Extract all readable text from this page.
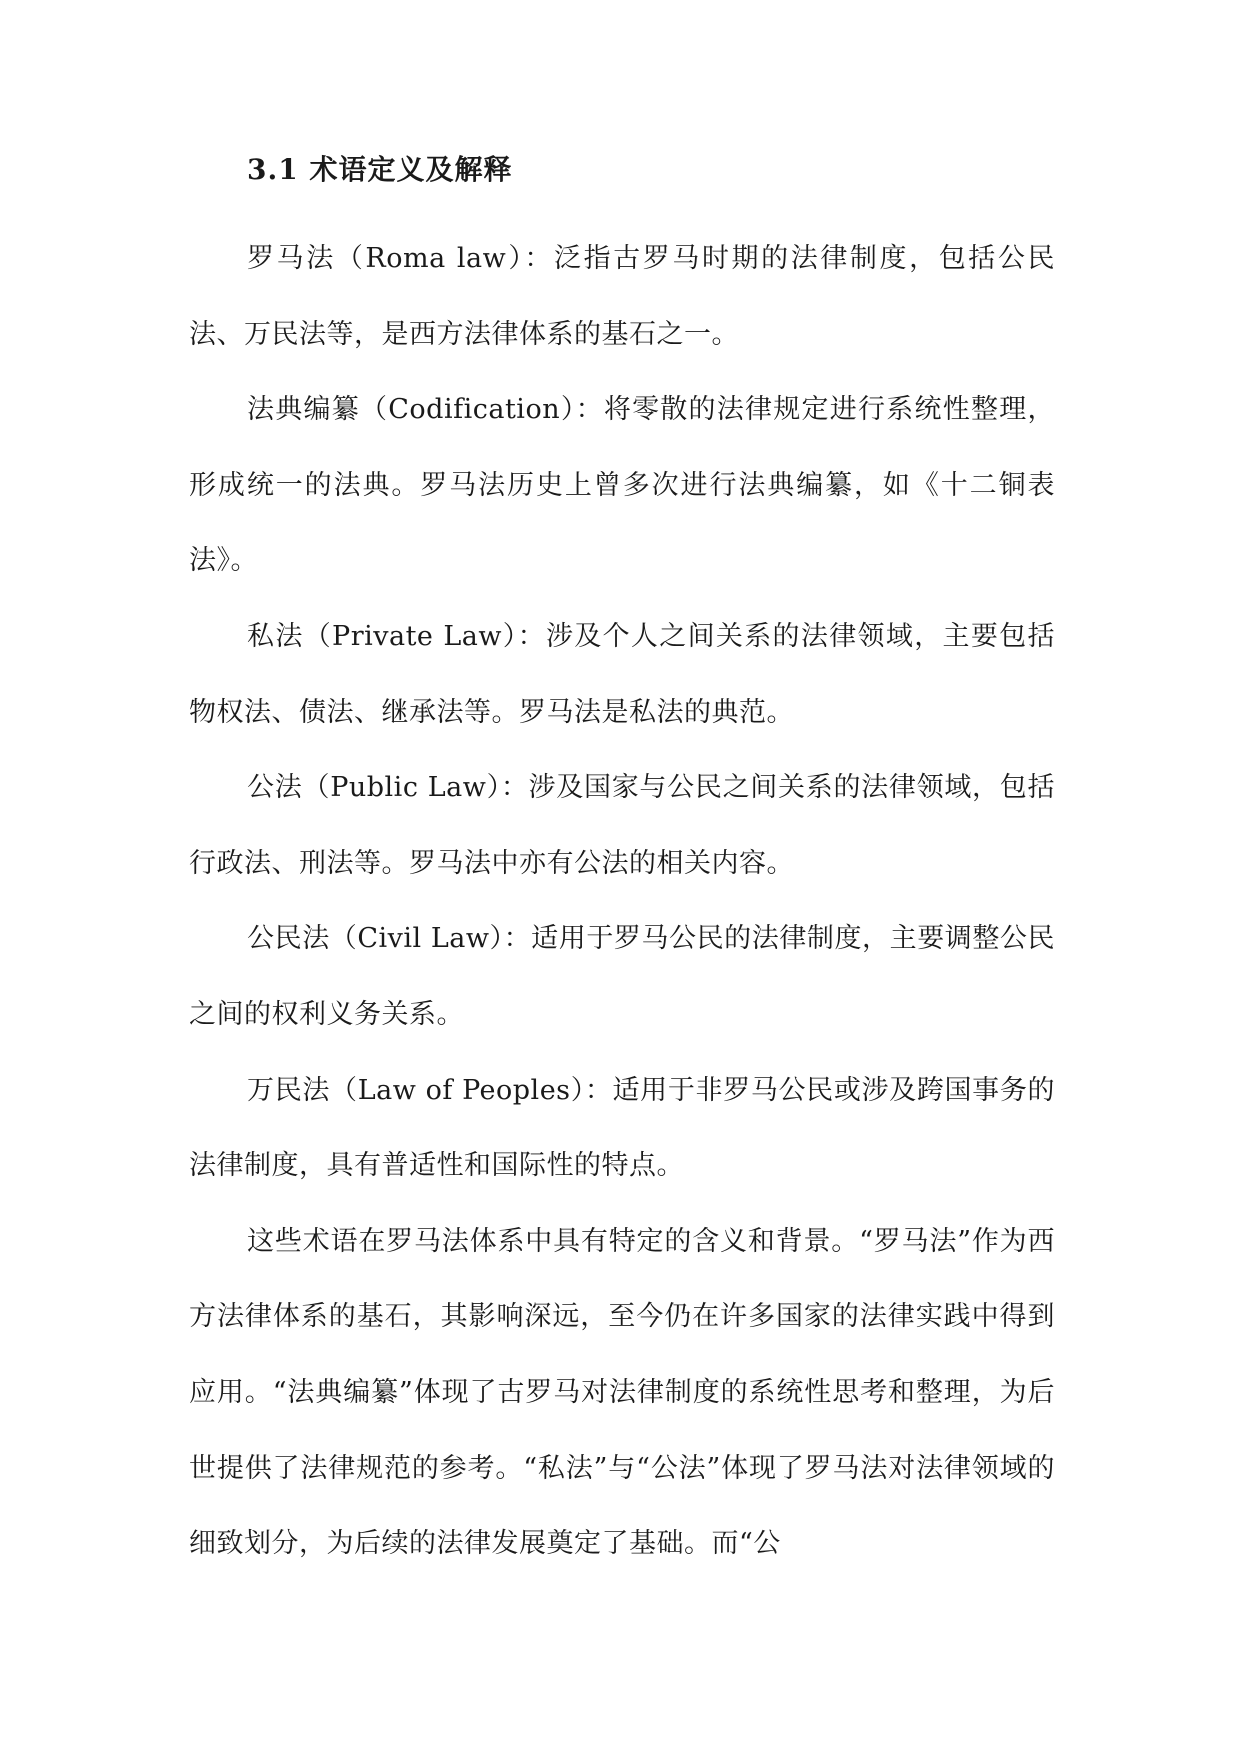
3.1 术语定义及解释

罗马法（Roma law）：泛指古罗马时期的法律制度，包括公民法、万民法等，是西方法律体系的基石之一。

法典编纂（Codification）：将零散的法律规定进行系统性整理，形成统一的法典。罗马法历史上曾多次进行法典编纂，如《十二铜表法》。

私法（Private Law）：涉及个人之间关系的法律领域，主要包括物权法、债法、继承法等。罗马法是私法的典范。

公法（Public Law）：涉及国家与公民之间关系的法律领域，包括行政法、刑法等。罗马法中亦有公法的相关内容。

公民法（Civil Law）：适用于罗马公民的法律制度，主要调整公民之间的权利义务关系。

万民法（Law of Peoples）：适用于非罗马公民或涉及跨国事务的法律制度，具有普适性和国际性的特点。

这些术语在罗马法体系中具有特定的含义和背景。“罗马法”作为西方法律体系的基石，其影响深远，至今仍在许多国家的法律实践中得到应用。“法典编纂”体现了古罗马对法律制度的系统性思考和整理，为后世提供了法律规范的参考。“私法”与“公法”体现了罗马法对法律领域的细致划分，为后续的法律发展奠定了基础。而“公
